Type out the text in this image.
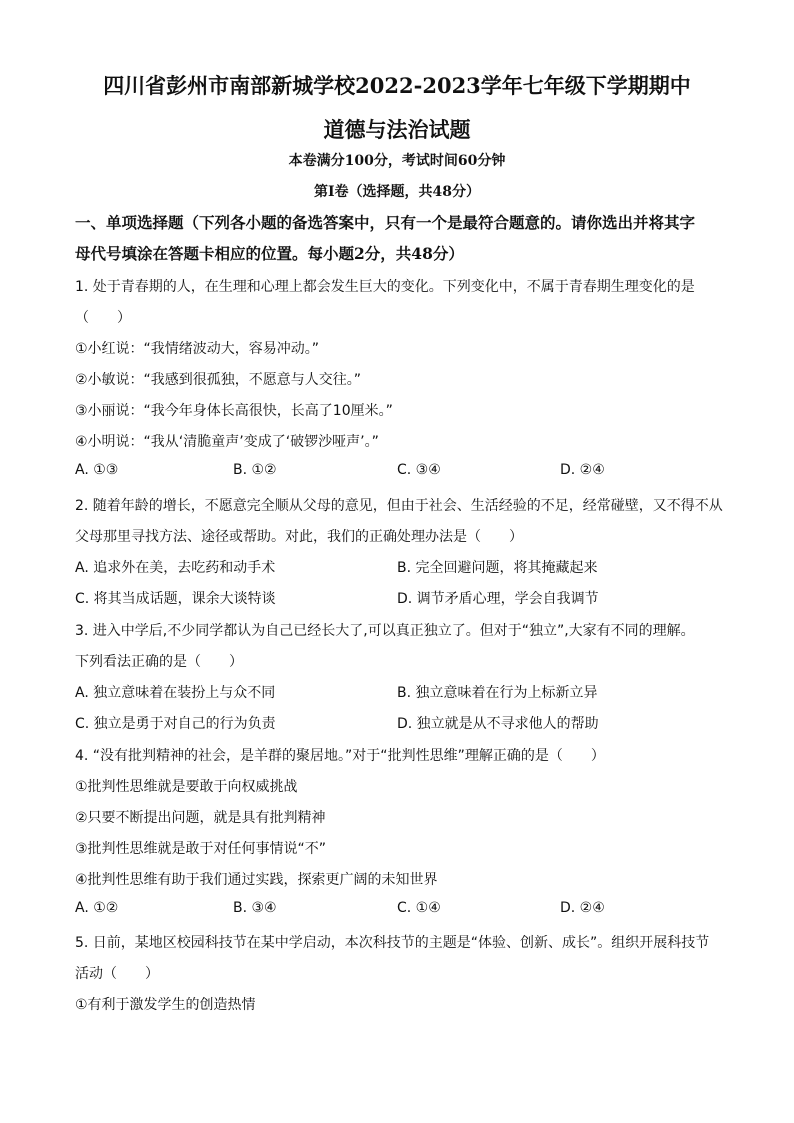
四川省彭州市南部新城学校2022-2023学年七年级下学期期中
道德与法治试题
本卷满分100分，考试时间60分钟
第I卷（选择题，共48分）
一、单项选择题（下列各小题的备选答案中，只有一个是最符合题意的。请你选出并将其字
母代号填涂在答题卡相应的位置。每小题2分，共48分）
1. 处于青春期的人，在生理和心理上都会发生巨大的变化。下列变化中，不属于青春期生理变化的是
（　　）
①小红说：“我情绪波动大，容易冲动。”
②小敏说：“我感到很孤独，不愿意与人交往。”
③小丽说：“我今年身体长高很快，长高了10厘米。”
④小明说：“我从‘清脆童声’变成了‘破锣沙哑声’。”
A. ①③	B. ①②	C. ③④	D. ②④
2. 随着年龄的增长，不愿意完全顺从父母的意见，但由于社会、生活经验的不足，经常碰壁，又不得不从
父母那里寻找方法、途径或帮助。对此，我们的正确处理办法是（　　）
A. 追求外在美，去吃药和动手术	B. 完全回避问题，将其掩藏起来
C. 将其当成话题，课余大谈特谈	D. 调节矛盾心理，学会自我调节
3. 进入中学后,不少同学都认为自己已经长大了,可以真正独立了。但对于“独立”,大家有不同的理解。
下列看法正确的是（　　）
A. 独立意味着在装扮上与众不同	B. 独立意味着在行为上标新立异
C. 独立是勇于对自己的行为负责	D. 独立就是从不寻求他人的帮助
4. “没有批判精神的社会，是羊群的聚居地。”对于“批判性思维”理解正确的是（　　）
①批判性思维就是要敢于向权威挑战
②只要不断提出问题，就是具有批判精神
③批判性思维就是敢于对任何事情说“不”
④批判性思维有助于我们通过实践，探索更广阔的未知世界
A. ①②	B. ③④	C. ①④	D. ②④
5. 日前，某地区校园科技节在某中学启动，本次科技节的主题是“体验、创新、成长”。组织开展科技节
活动（　　）
①有利于激发学生的创造热情
